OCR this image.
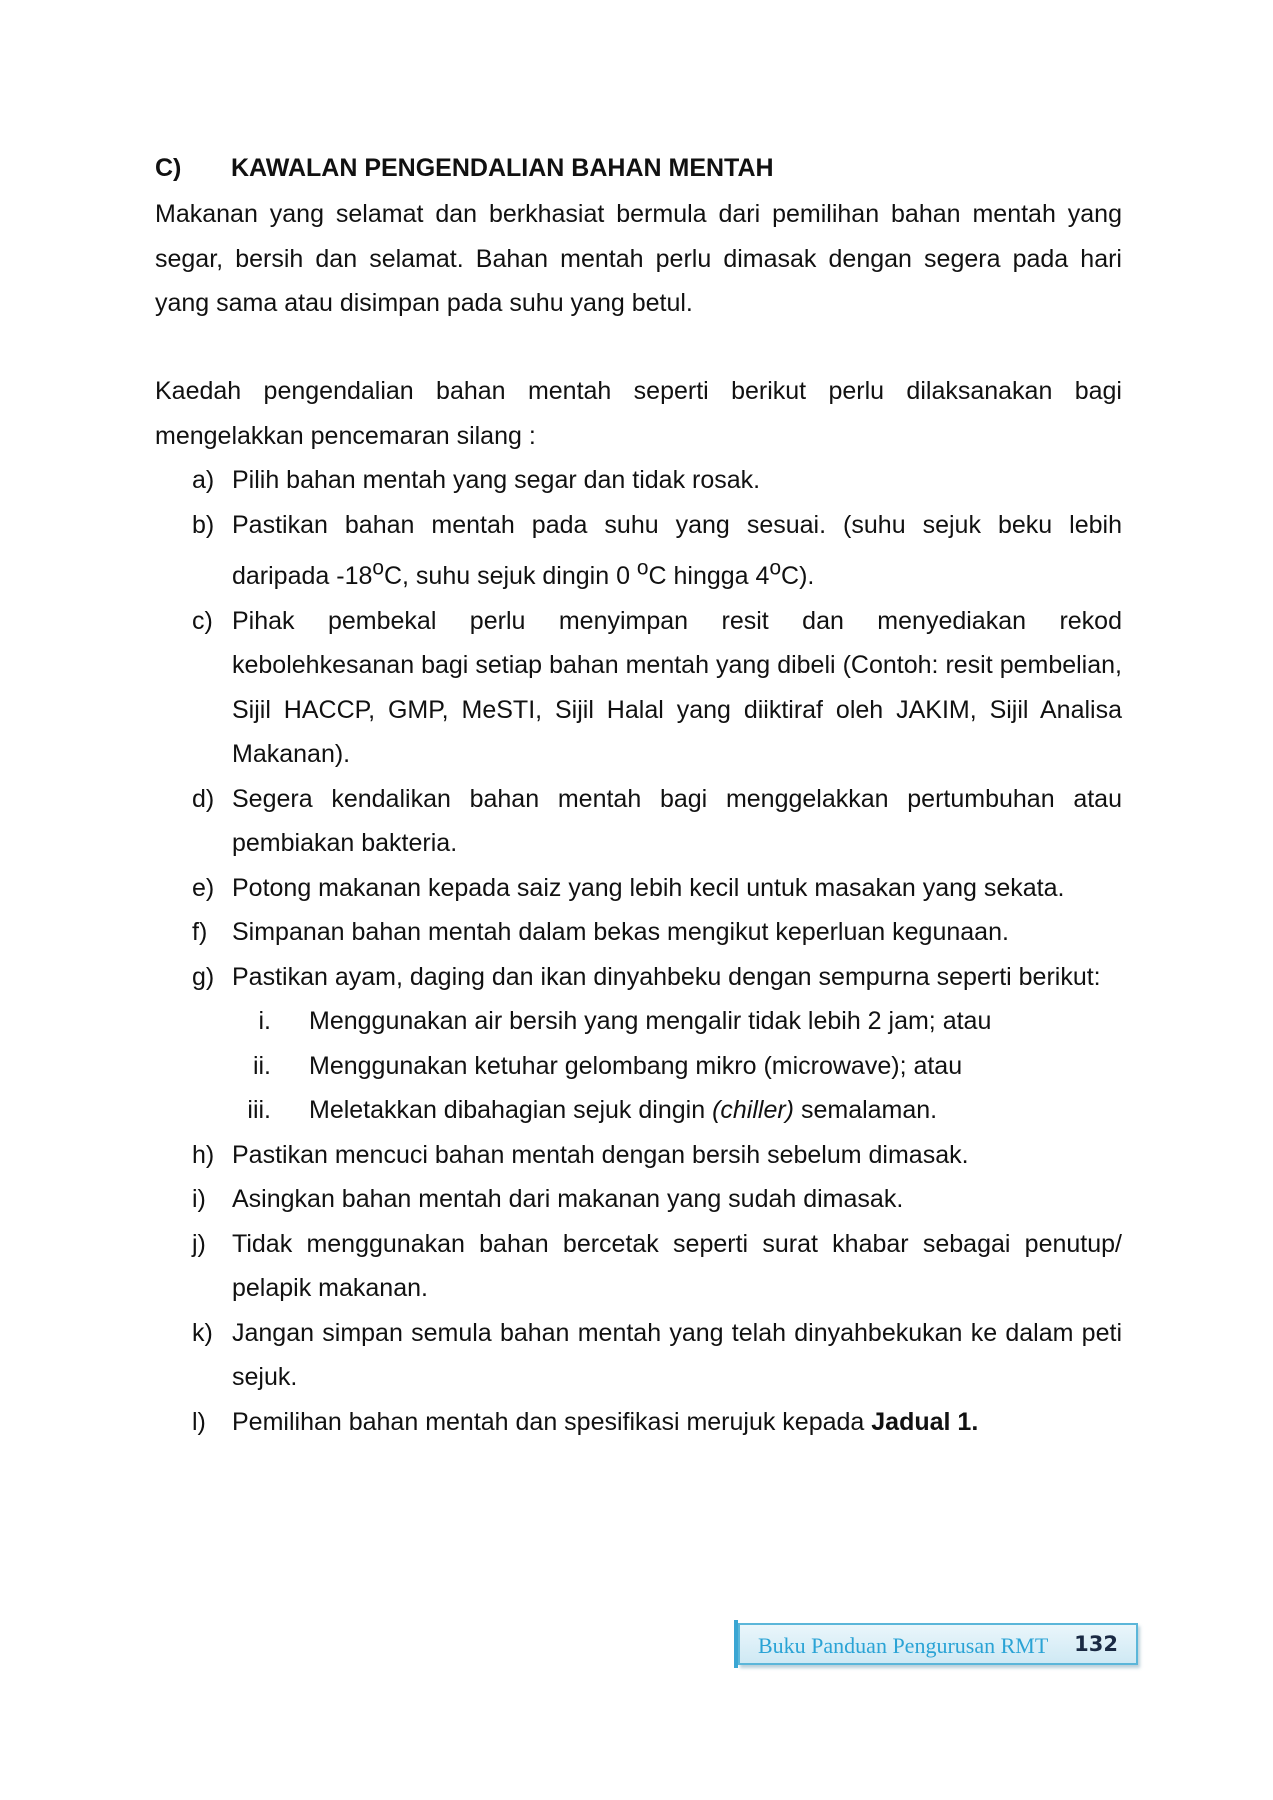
C) KAWALAN PENGENDALIAN BAHAN MENTAH
Makanan yang selamat dan berkhasiat bermula dari pemilihan bahan mentah yang segar, bersih dan selamat. Bahan mentah perlu dimasak dengan segera pada hari yang sama atau disimpan pada suhu yang betul.
Kaedah pengendalian bahan mentah seperti berikut perlu dilaksanakan bagi mengelakkan pencemaran silang :
a) Pilih bahan mentah yang segar dan tidak rosak.
b) Pastikan bahan mentah pada suhu yang sesuai. (suhu sejuk beku lebih daripada -18$^o$C, suhu sejuk dingin 0 $^o$C hingga 4$^o$C).
c) Pihak pembekal perlu menyimpan resit dan menyediakan rekod kebolehkesanan bagi setiap bahan mentah yang dibeli (Contoh: resit pembelian, Sijil HACCP, GMP, MeSTI, Sijil Halal yang diiktiraf oleh JAKIM, Sijil Analisa Makanan).
d) Segera kendalikan bahan mentah bagi menggelakkan pertumbuhan atau pembiakan bakteria.
e) Potong makanan kepada saiz yang lebih kecil untuk masakan yang sekata.
f) Simpanan bahan mentah dalam bekas mengikut keperluan kegunaan.
g) Pastikan ayam, daging dan ikan dinyahbeku dengan sempurna seperti berikut:
i. Menggunakan air bersih yang mengalir tidak lebih 2 jam; atau
ii. Menggunakan ketuhar gelombang mikro (microwave); atau
iii. Meletakkan dibahagian sejuk dingin (chiller) semalaman.
h) Pastikan mencuci bahan mentah dengan bersih sebelum dimasak.
i) Asingkan bahan mentah dari makanan yang sudah dimasak.
j) Tidak menggunakan bahan bercetak seperti surat khabar sebagai penutup/ pelapik makanan.
k) Jangan simpan semula bahan mentah yang telah dinyahbekukan ke dalam peti sejuk.
l) Pemilihan bahan mentah dan spesifikasi merujuk kepada Jadual 1.
Buku Panduan Pengurusan RMT 132
